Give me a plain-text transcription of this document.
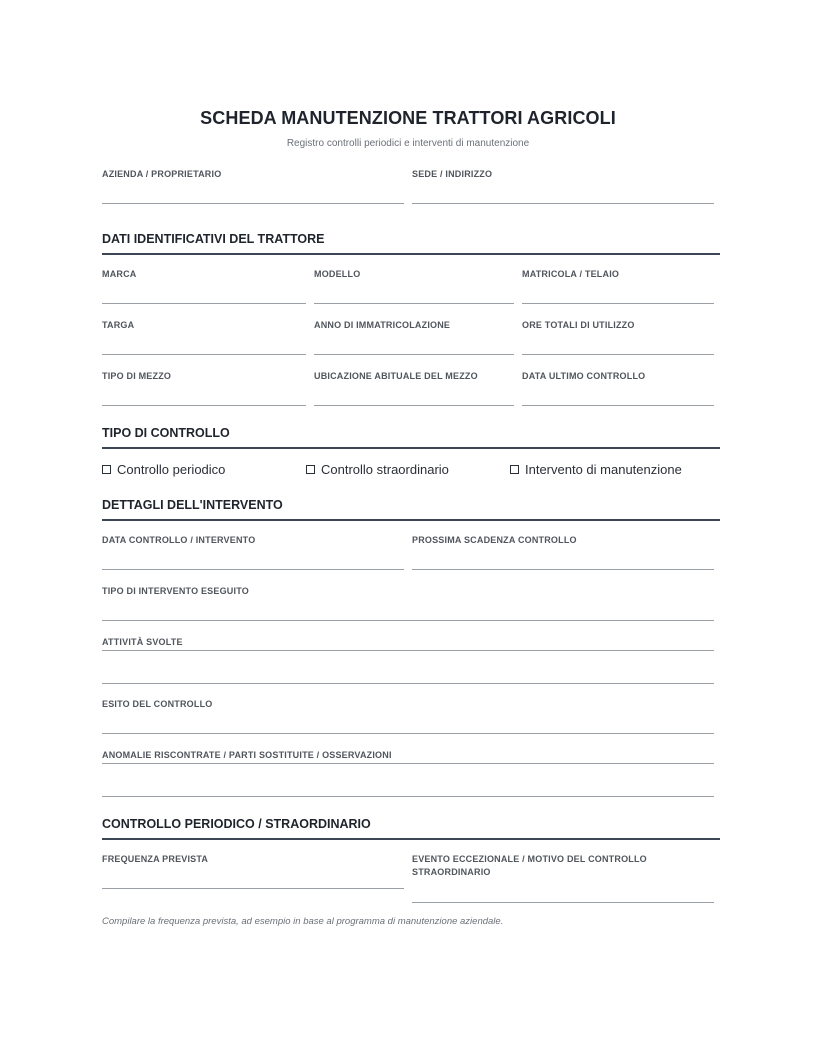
SCHEDA MANUTENZIONE TRATTORI AGRICOLI
Registro controlli periodici e interventi di manutenzione
AZIENDA / PROPRIETARIO	SEDE / INDIRIZZO
DATI IDENTIFICATIVI DEL TRATTORE
MARCA	MODELLO	MATRICOLA / TELAIO
TARGA	ANNO DI IMMATRICOLAZIONE	ORE TOTALI DI UTILIZZO
TIPO DI MEZZO	UBICAZIONE ABITUALE DEL MEZZO	DATA ULTIMO CONTROLLO
TIPO DI CONTROLLO
Controllo periodico	Controllo straordinario	Intervento di manutenzione
DETTAGLI DELL'INTERVENTO
DATA CONTROLLO / INTERVENTO	PROSSIMA SCADENZA CONTROLLO
TIPO DI INTERVENTO ESEGUITO
ATTIVITÀ SVOLTE
ESITO DEL CONTROLLO
ANOMALIE RISCONTRATE / PARTI SOSTITUITE / OSSERVAZIONI
CONTROLLO PERIODICO / STRAORDINARIO
FREQUENZA PREVISTA	EVENTO ECCEZIONALE / MOTIVO DEL CONTROLLO STRAORDINARIO
Compilare la frequenza prevista, ad esempio in base al programma di manutenzione aziendale.
